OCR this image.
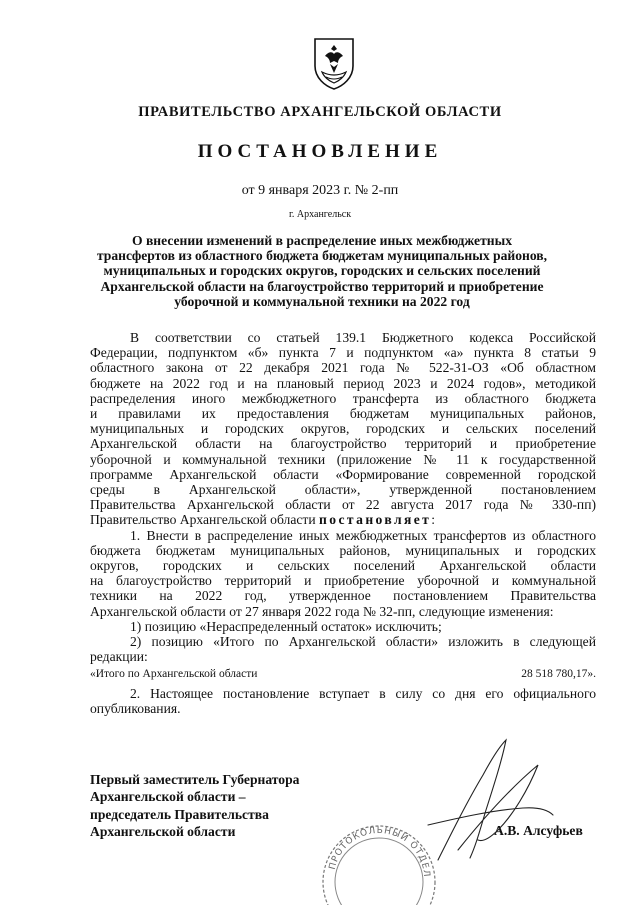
ПРАВИТЕЛЬСТВО АРХАНГЕЛЬСКОЙ ОБЛАСТИ
ПОСТАНОВЛЕНИЕ
от 9 января 2023 г. № 2-пп
г. Архангельск
О внесении изменений в распределение иных межбюджетных
трансфертов из областного бюджета бюджетам муниципальных районов,
муниципальных и городских округов, городских и сельских поселений
Архангельской области на благоустройство территорий и приобретение
уборочной и коммунальной техники на 2022 год
В соответствии со статьей 139.1 Бюджетного кодекса Российской
Федерации, подпунктом «б» пункта 7 и подпунктом «а» пункта 8 статьи 9
областного закона от 22 декабря 2021 года № 522-31-ОЗ «Об областном
бюджете на 2022 год и на плановый период 2023 и 2024 годов», методикой
распределения иного межбюджетного трансферта из областного бюджета
и правилами их предоставления бюджетам муниципальных районов,
муниципальных и городских округов, городских и сельских поселений
Архангельской области на благоустройство территорий и приобретение
уборочной и коммунальной техники (приложение № 11 к государственной
программе Архангельской области «Формирование современной городской
среды в Архангельской области», утвержденной постановлением
Правительства Архангельской области от 22 августа 2017 года № 330-пп)
Правительство Архангельской области постановляет:
1. Внести в распределение иных межбюджетных трансфертов из областного
бюджета бюджетам муниципальных районов, муниципальных и городских
округов, городских и сельских поселений Архангельской области
на благоустройство территорий и приобретение уборочной и коммунальной
техники на 2022 год, утвержденное постановлением Правительства
Архангельской области от 27 января 2022 года № 32-пп, следующие изменения:
1) позицию «Нераспределенный остаток» исключить;
2) позицию «Итого по Архангельской области» изложить в следующей
редакции:
«Итого по Архангельской области	28 518 780,17».
2. Настоящее постановление вступает в силу со дня его официального
опубликования.
Первый заместитель Губернатора
Архангельской области –
председатель Правительства
Архангельской области	А.В. Алсуфьев
ПРОТОКОЛЬНЫЙ ОТДЕЛ
